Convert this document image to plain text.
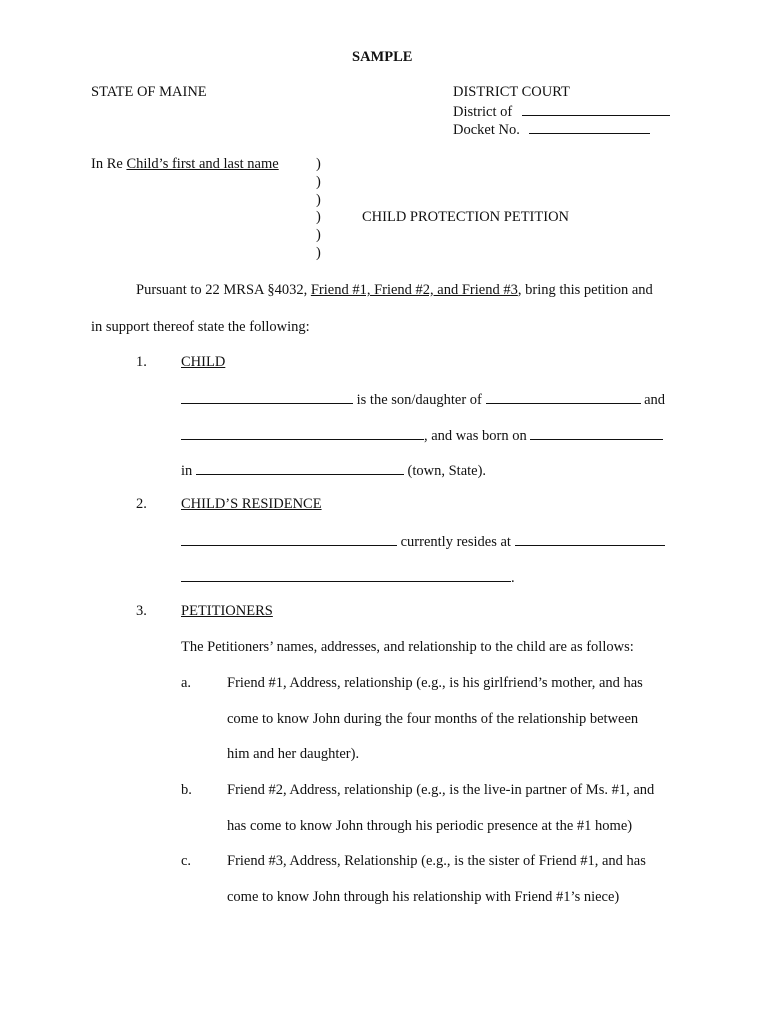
SAMPLE
STATE OF MAINE	DISTRICT COURT
District of
Docket No.
In Re Child’s first and last name	)
)
)
)
)
)
CHILD PROTECTION PETITION
Pursuant to 22 MRSA §4032, Friend #1, Friend #2, and Friend #3, bring this petition and
in support thereof state the following:
1. CHILD
is the son/daughter of	and
, and was born on
in	(town, State).
2. CHILD’S RESIDENCE
currently resides at
.
3. PETITIONERS
The Petitioners’ names, addresses, and relationship to the child are as follows:
a. Friend #1, Address, relationship (e.g., is his girlfriend’s mother, and has
come to know John during the four months of the relationship between
him and her daughter).
b. Friend #2, Address, relationship (e.g., is the live-in partner of Ms. #1, and
has come to know John through his periodic presence at the #1 home)
c. Friend #3, Address, Relationship (e.g., is the sister of Friend #1, and has
come to know John through his relationship with Friend #1’s niece)
